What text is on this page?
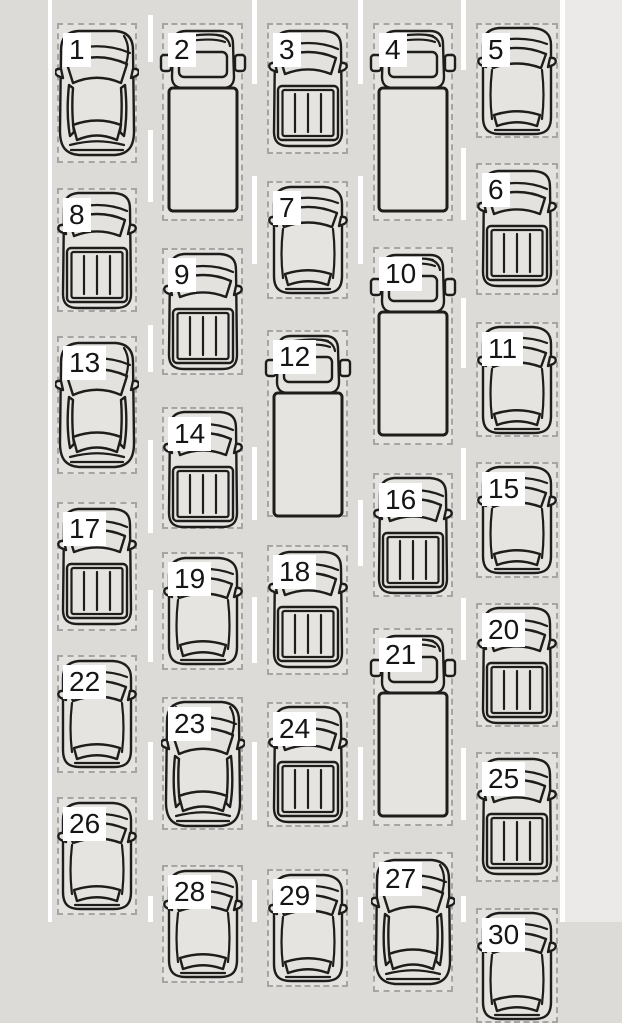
1	2	3	4	5
6
7
8
9	10
11
12
13
14
15
16
17
18
19
20
21
22
23	24
25
26
27
28	29
30
